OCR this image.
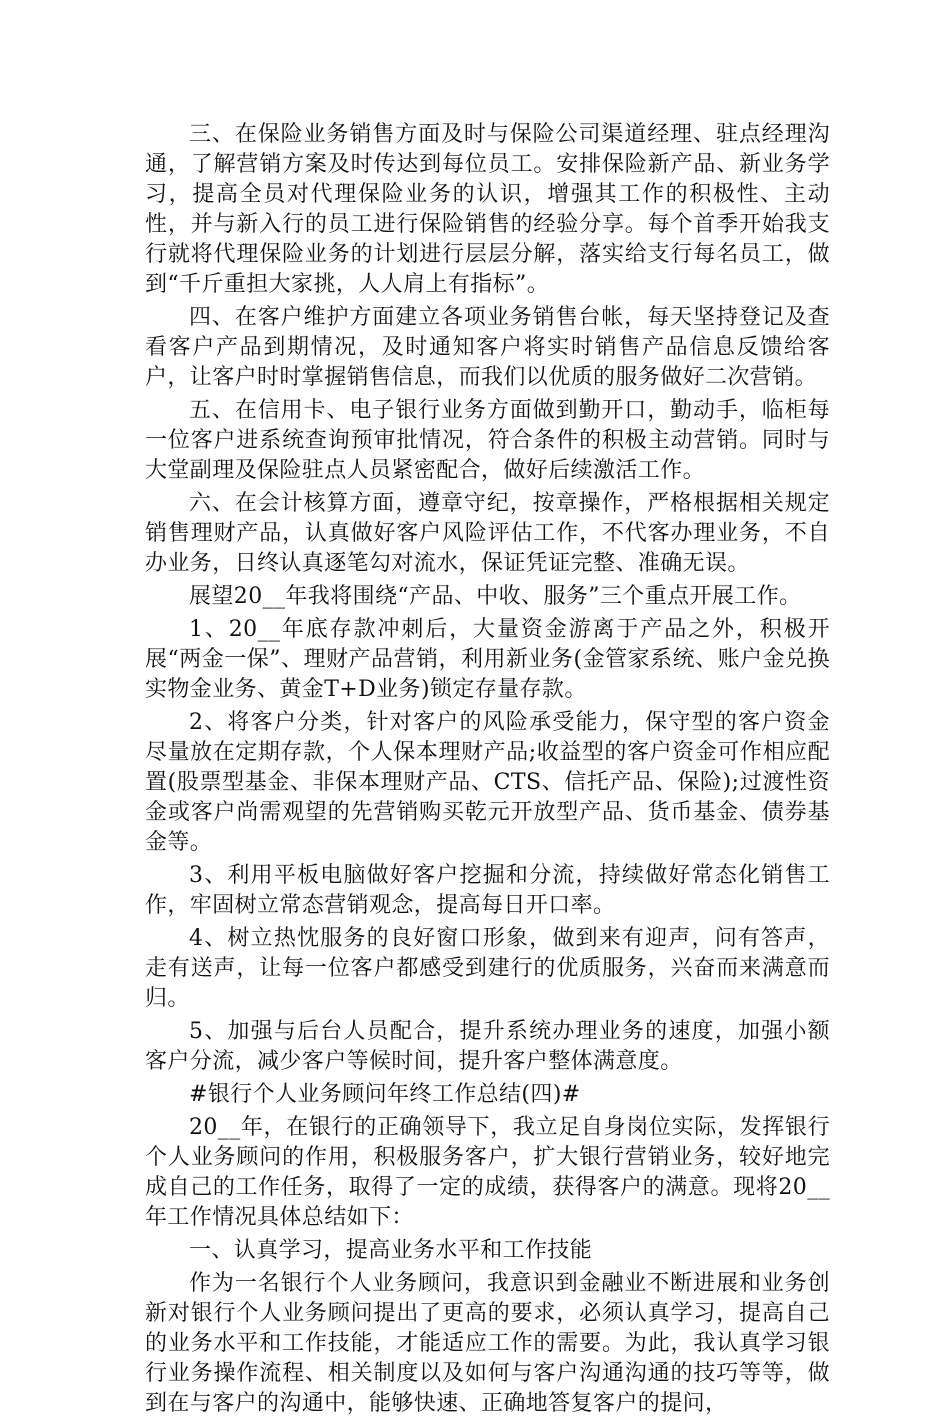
三、在保险业务销售方面及时与保险公司渠道经理、驻点经理沟通，了解营销方案及时传达到每位员工。安排保险新产品、新业务学习，提高全员对代理保险业务的认识，增强其工作的积极性、主动性，并与新入行的员工进行保险销售的经验分享。每个首季开始我支行就将代理保险业务的计划进行层层分解，落实给支行每名员工，做到“千斤重担大家挑，人人肩上有指标”。

四、在客户维护方面建立各项业务销售台帐，每天坚持登记及查看客户产品到期情况，及时通知客户将实时销售产品信息反馈给客户，让客户时时掌握销售信息，而我们以优质的服务做好二次营销。

五、在信用卡、电子银行业务方面做到勤开口，勤动手，临柜每一位客户进系统查询预审批情况，符合条件的积极主动营销。同时与大堂副理及保险驻点人员紧密配合，做好后续激活工作。

六、在会计核算方面，遵章守纪，按章操作，严格根据相关规定销售理财产品，认真做好客户风险评估工作，不代客办理业务，不自办业务，日终认真逐笔勾对流水，保证凭证完整、准确无误。

展望20__年我将围绕“产品、中收、服务”三个重点开展工作。

1、20__年底存款冲刺后，大量资金游离于产品之外，积极开展“两金一保”、理财产品营销，利用新业务(金管家系统、账户金兑换实物金业务、黄金T+D业务)锁定存量存款。

2、将客户分类，针对客户的风险承受能力，保守型的客户资金尽量放在定期存款，个人保本理财产品;收益型的客户资金可作相应配置(股票型基金、非保本理财产品、CTS、信托产品、保险);过渡性资金或客户尚需观望的先营销购买乾元开放型产品、货币基金、债券基金等。

3、利用平板电脑做好客户挖掘和分流，持续做好常态化销售工作，牢固树立常态营销观念，提高每日开口率。

4、树立热忱服务的良好窗口形象，做到来有迎声，问有答声，走有送声，让每一位客户都感受到建行的优质服务，兴奋而来满意而归。

5、加强与后台人员配合，提升系统办理业务的速度，加强小额客户分流，减少客户等候时间，提升客户整体满意度。

#银行个人业务顾问年终工作总结(四)#

20__年，在银行的正确领导下，我立足自身岗位实际，发挥银行个人业务顾问的作用，积极服务客户，扩大银行营销业务，较好地完成自己的工作任务，取得了一定的成绩，获得客户的满意。现将20__年工作情况具体总结如下：

一、认真学习，提高业务水平和工作技能

作为一名银行个人业务顾问，我意识到金融业不断进展和业务创新对银行个人业务顾问提出了更高的要求，必须认真学习，提高自己的业务水平和工作技能，才能适应工作的需要。为此，我认真学习银行业务操作流程、相关制度以及如何与客户沟通沟通的技巧等等，做到在与客户的沟通中，能够快速、正确地答复客户的提问，
